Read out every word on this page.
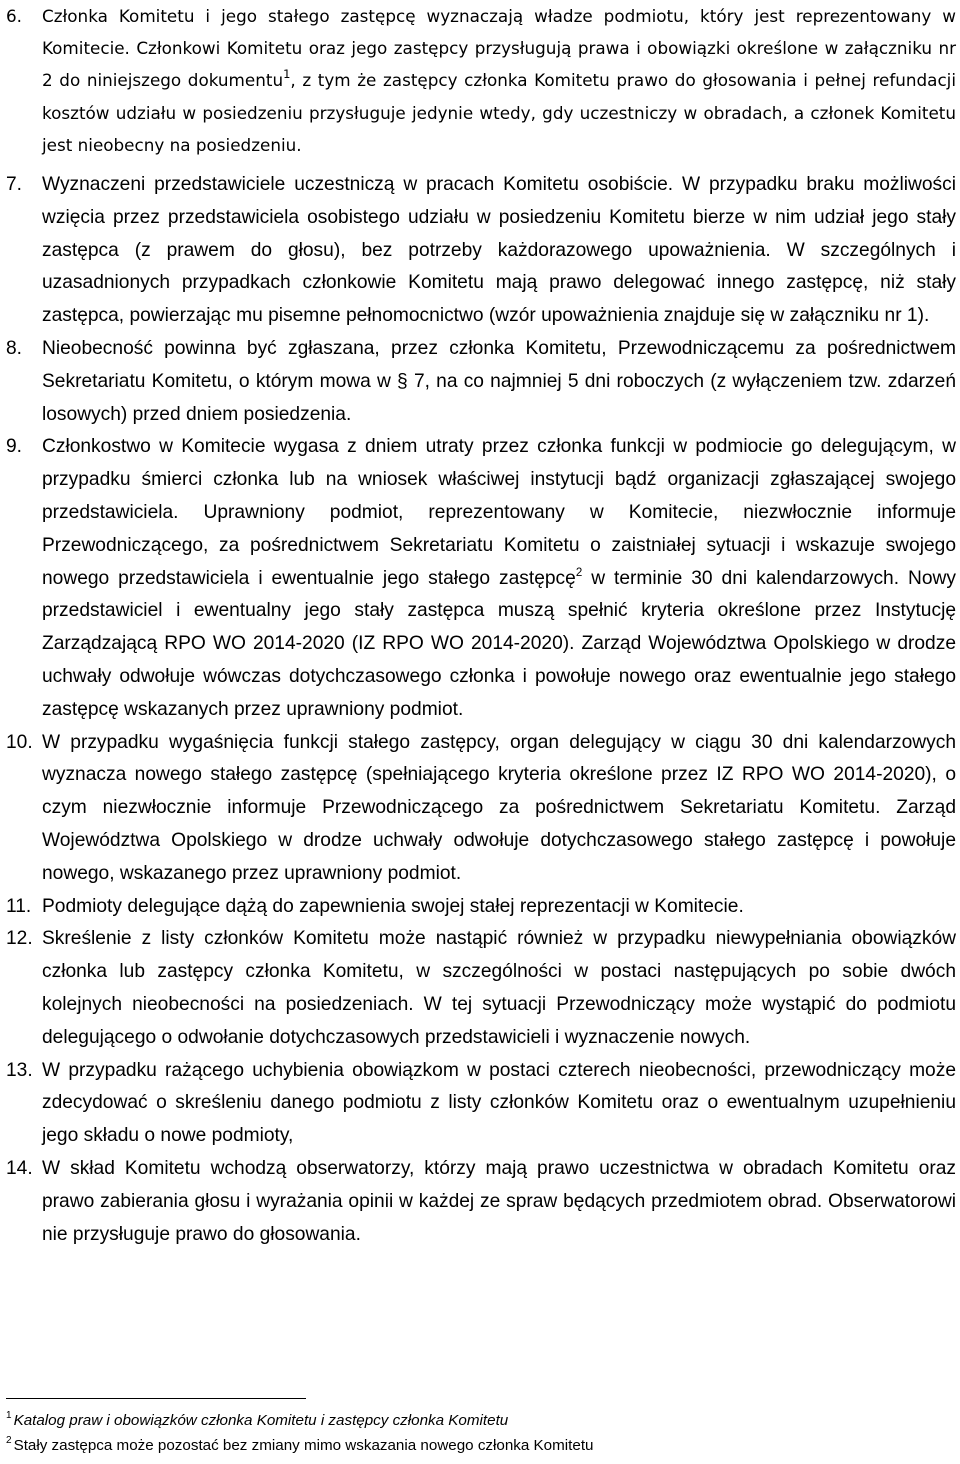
6. Członka Komitetu i jego stałego zastępcę wyznaczają władze podmiotu, który jest reprezentowany w Komitecie. Członkowi Komitetu oraz jego zastępcy przysługują prawa i obowiązki określone w załączniku nr 2 do niniejszego dokumentu$^1$, z tym że zastępcy członka Komitetu prawo do głosowania i pełnej refundacji kosztów udziału w posiedzeniu przysługuje jedynie wtedy, gdy uczestniczy w obradach, a członek Komitetu jest nieobecny na posiedzeniu.

7. Wyznaczeni przedstawiciele uczestniczą w pracach Komitetu osobiście. W przypadku braku możliwości wzięcia przez przedstawiciela osobistego udziału w posiedzeniu Komitetu bierze w nim udział jego stały zastępca (z prawem do głosu), bez potrzeby każdorazowego upoważnienia. W szczególnych i uzasadnionych przypadkach członkowie Komitetu mają prawo delegować innego zastępcę, niż stały zastępca, powierzając mu pisemne pełnomocnictwo (wzór upoważnienia znajduje się w załączniku nr 1).

8. Nieobecność powinna być zgłaszana, przez członka Komitetu, Przewodniczącemu za pośrednictwem Sekretariatu Komitetu, o którym mowa w § 7, na co najmniej 5 dni roboczych (z wyłączeniem tzw. zdarzeń losowych) przed dniem posiedzenia.

9. Członkostwo w Komitecie wygasa z dniem utraty przez członka funkcji w podmiocie go delegującym, w przypadku śmierci członka lub na wniosek właściwej instytucji bądź organizacji zgłaszającej swojego przedstawiciela. Uprawniony podmiot, reprezentowany w Komitecie, niezwłocznie informuje Przewodniczącego, za pośrednictwem Sekretariatu Komitetu o zaistniałej sytuacji i wskazuje swojego nowego przedstawiciela i ewentualnie jego stałego zastępcę$^2$ w terminie 30 dni kalendarzowych. Nowy przedstawiciel i ewentualny jego stały zastępca muszą spełnić kryteria określone przez Instytucję Zarządzającą RPO WO 2014-2020 (IZ RPO WO 2014-2020). Zarząd Województwa Opolskiego w drodze uchwały odwołuje wówczas dotychczasowego członka i powołuje nowego oraz ewentualnie jego stałego zastępcę wskazanych przez uprawniony podmiot.

10. W przypadku wygaśnięcia funkcji stałego zastępcy, organ delegujący w ciągu 30 dni kalendarzowych wyznacza nowego stałego zastępcę (spełniającego kryteria określone przez IZ RPO WO 2014-2020), o czym niezwłocznie informuje Przewodniczącego za pośrednictwem Sekretariatu Komitetu. Zarząd Województwa Opolskiego w drodze uchwały odwołuje dotychczasowego stałego zastępcę i powołuje nowego, wskazanego przez uprawniony podmiot.

11. Podmioty delegujące dążą do zapewnienia swojej stałej reprezentacji w Komitecie.

12. Skreślenie z listy członków Komitetu może nastąpić również w przypadku niewypełniania obowiązków członka lub zastępcy członka Komitetu, w szczególności w postaci następujących po sobie dwóch kolejnych nieobecności na posiedzeniach. W tej sytuacji Przewodniczący może wystąpić do podmiotu delegującego o odwołanie dotychczasowych przedstawicieli i wyznaczenie nowych.

13. W przypadku rażącego uchybienia obowiązkom w postaci czterech nieobecności, przewodniczący może zdecydować o skreśleniu danego podmiotu z listy członków Komitetu oraz o ewentualnym uzupełnieniu jego składu o nowe podmioty,

14. W skład Komitetu wchodzą obserwatorzy, którzy mają prawo uczestnictwa w obradach Komitetu oraz prawo zabierania głosu i wyrażania opinii w każdej ze spraw będących przedmiotem obrad. Obserwatorowi nie przysługuje prawo do głosowania.

$^1$ Katalog praw i obowiązków członka Komitetu i zastępcy członka Komitetu
$^2$ Stały zastępca może pozostać bez zmiany mimo wskazania nowego członka Komitetu
